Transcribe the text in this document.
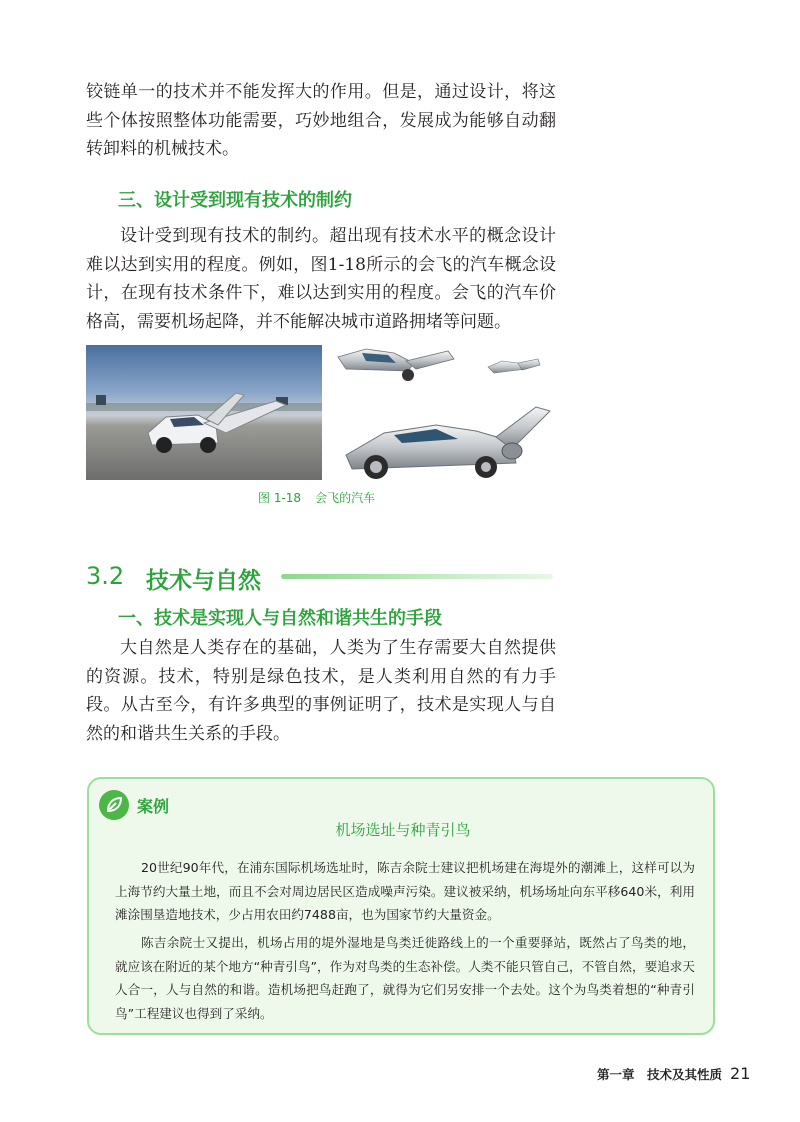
铰链单一的技术并不能发挥大的作用。但是，通过设计，将这些个体按照整体功能需要，巧妙地组合，发展成为能够自动翻转卸料的机械技术。

三、设计受到现有技术的制约

设计受到现有技术的制约。超出现有技术水平的概念设计难以达到实用的程度。例如，图1-18所示的会飞的汽车概念设计，在现有技术条件下，难以达到实用的程度。会飞的汽车价格高，需要机场起降，并不能解决城市道路拥堵等问题。

图 1-18 会飞的汽车
3.2 技术与自然
一、技术是实现人与自然和谐共生的手段

大自然是人类存在的基础，人类为了生存需要大自然提供的资源。技术，特别是绿色技术，是人类利用自然的有力手段。从古至今，有许多典型的事例证明了，技术是实现人与自然的和谐共生关系的手段。

案例
机场选址与种青引鸟

20世纪90年代，在浦东国际机场选址时，陈吉余院士建议把机场建在海堤外的潮滩上，这样可以为上海节约大量土地，而且不会对周边居民区造成噪声污染。建议被采纳，机场场址向东平移640米，利用滩涂围垦造地技术，少占用农田约7488亩，也为国家节约大量资金。

陈吉余院士又提出，机场占用的堤外湿地是鸟类迁徙路线上的一个重要驿站，既然占了鸟类的地，就应该在附近的某个地方“种青引鸟”，作为对鸟类的生态补偿。人类不能只管自己，不管自然，要追求天人合一，人与自然的和谐。造机场把鸟赶跑了，就得为它们另安排一个去处。这个为鸟类着想的“种青引鸟”工程建议也得到了采纳。

第一章　技术及其性质 21
